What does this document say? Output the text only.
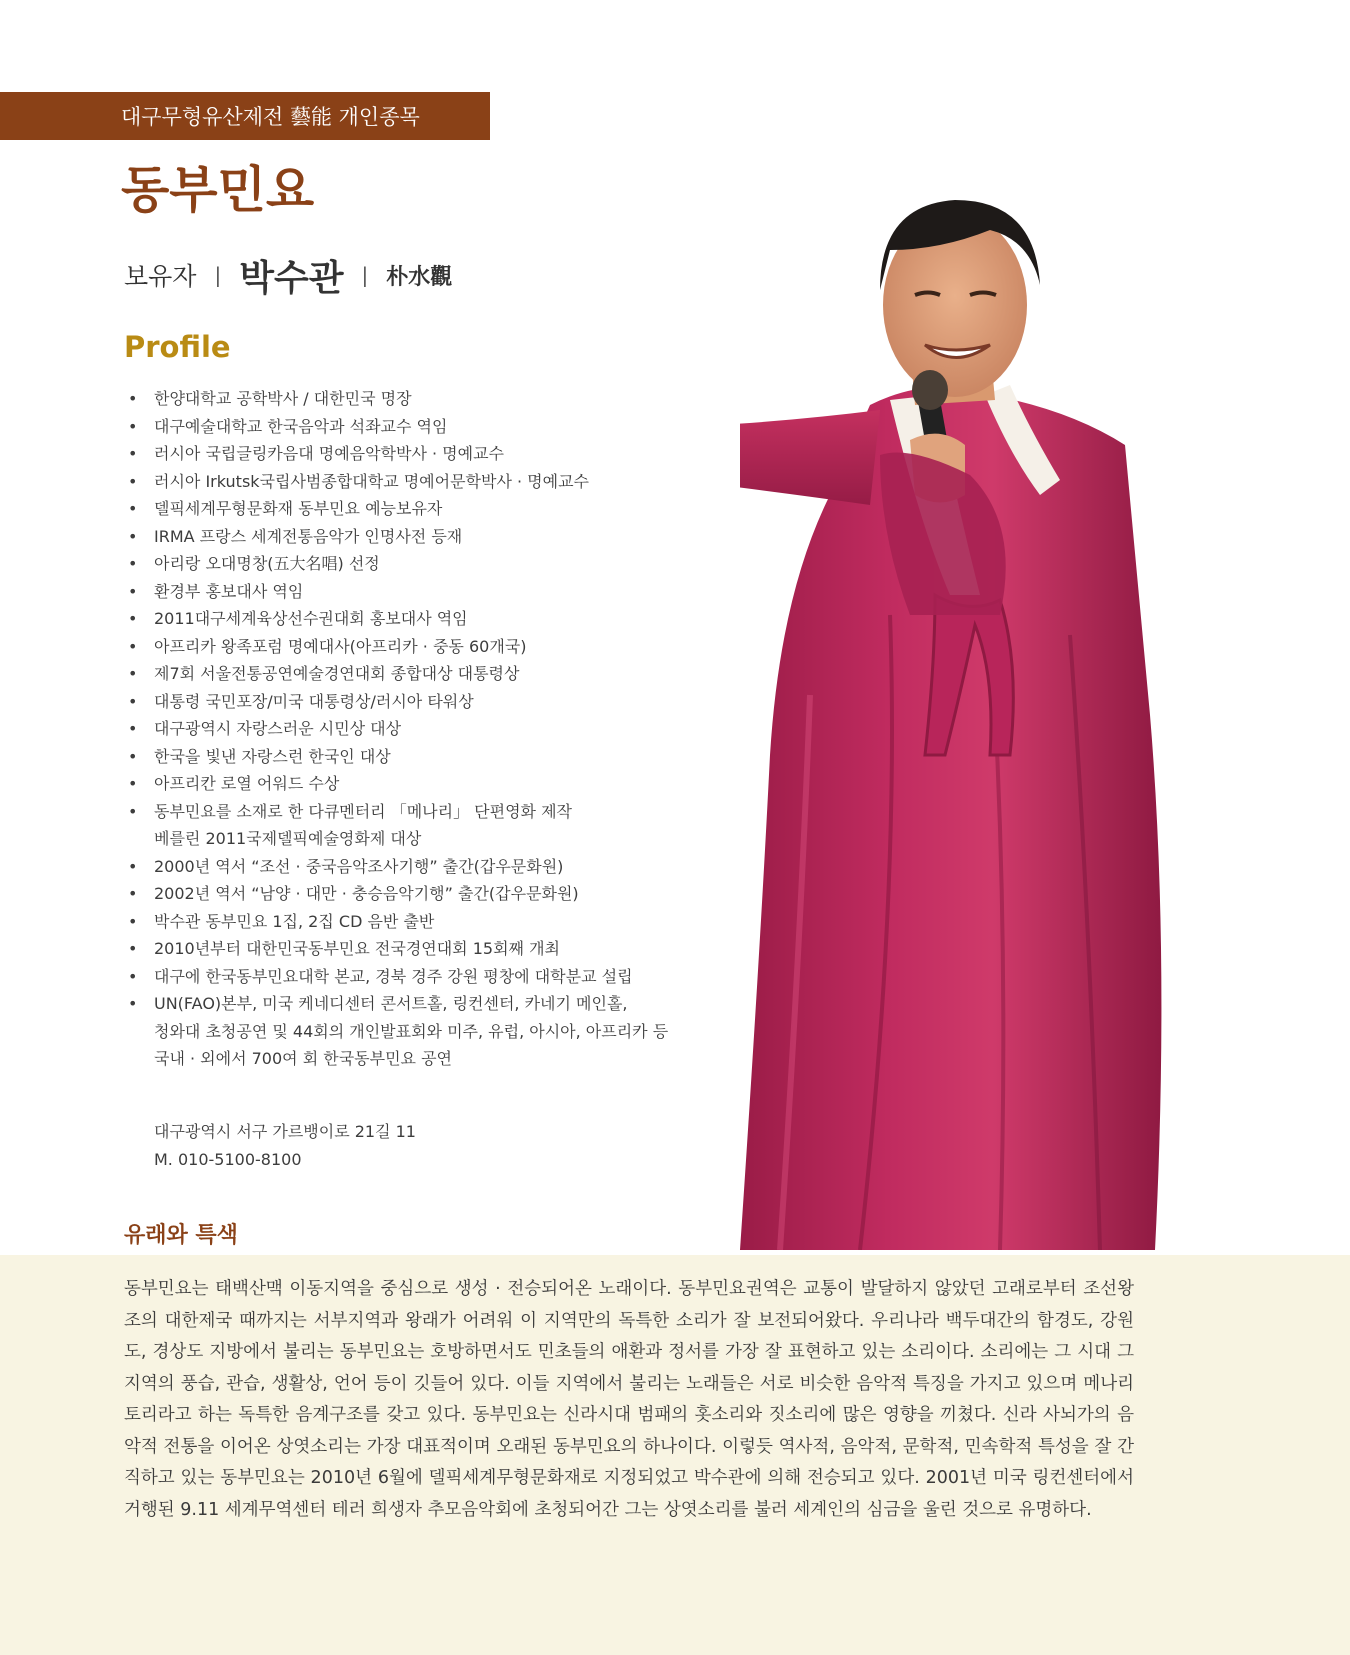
대구무형유산제전 藝能 개인종목
동부민요
보유자 | 박수관 | 朴水觀
Profile
• 한양대학교 공학박사 / 대한민국 명장
• 대구예술대학교 한국음악과 석좌교수 역임
• 러시아 국립글링카음대 명예음악학박사 · 명예교수
• 러시아 Irkutsk국립사범종합대학교 명예어문학박사 · 명예교수
• 델픽세계무형문화재 동부민요 예능보유자
• IRMA 프랑스 세계전통음악가 인명사전 등재
• 아리랑 오대명창(五大名唱) 선정
• 환경부 홍보대사 역임
• 2011대구세계육상선수권대회 홍보대사 역임
• 아프리카 왕족포럼 명예대사(아프리카 · 중동 60개국)
• 제7회 서울전통공연예술경연대회 종합대상 대통령상
• 대통령 국민포장/미국 대통령상/러시아 타워상
• 대구광역시 자랑스러운 시민상 대상
• 한국을 빛낸 자랑스런 한국인 대상
• 아프리칸 로열 어워드 수상
• 동부민요를 소재로 한 다큐멘터리 「메나리」 단편영화 제작
베를린 2011국제델픽예술영화제 대상
• 2000년 역서 “조선 · 중국음악조사기행” 출간(갑우문화원)
• 2002년 역서 “남양 · 대만 · 충승음악기행” 출간(갑우문화원)
• 박수관 동부민요 1집, 2집 CD 음반 출반
• 2010년부터 대한민국동부민요 전국경연대회 15회째 개최
• 대구에 한국동부민요대학 본교, 경북 경주 강원 평창에 대학분교 설립
• UN(FAO)본부, 미국 케네디센터 콘서트홀, 링컨센터, 카네기 메인홀,
청와대 초청공연 및 44회의 개인발표회와 미주, 유럽, 아시아, 아프리카 등
국내 · 외에서 700여 회 한국동부민요 공연
대구광역시 서구 가르뱅이로 21길 11
M. 010-5100-8100
유래와 특색

동부민요는 태백산맥 이동지역을 중심으로 생성 · 전승되어온 노래이다. 동부민요권역은 교통이 발달하지 않았던 고래로부터 조선왕조의 대한제국 때까지는 서부지역과 왕래가 어려워 이 지역만의 독특한 소리가 잘 보전되어왔다. 우리나라 백두대간의 함경도, 강원도, 경상도 지방에서 불리는 동부민요는 호방하면서도 민초들의 애환과 정서를 가장 잘 표현하고 있는 소리이다. 소리에는 그 시대 그 지역의 풍습, 관습, 생활상, 언어 등이 깃들어 있다. 이들 지역에서 불리는 노래들은 서로 비슷한 음악적 특징을 가지고 있으며 메나리토리라고 하는 독특한 음계구조를 갖고 있다. 동부민요는 신라시대 범패의 홋소리와 짓소리에 많은 영향을 끼쳤다. 신라 사뇌가의 음악적 전통을 이어온 상엿소리는 가장 대표적이며 오래된 동부민요의 하나이다. 이렇듯 역사적, 음악적, 문학적, 민속학적 특성을 잘 간직하고 있는 동부민요는 2010년 6월에 델픽세계무형문화재로 지정되었고 박수관에 의해 전승되고 있다. 2001년 미국 링컨센터에서 거행된 9.11 세계무역센터 테러 희생자 추모음악회에 초청되어간 그는 상엿소리를 불러 세계인의 심금을 울린 것으로 유명하다.
